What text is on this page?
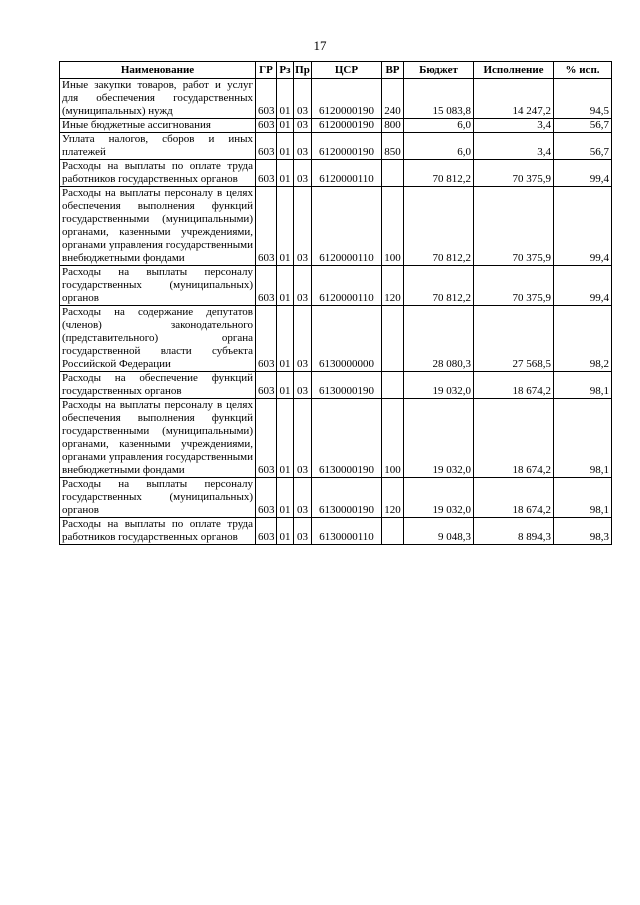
17
Наименование	ГР	Рз	Пр	ЦСР	ВР	Бюджет	Исполнение	% исп.
Иные закупки товаров, работ и услуг для обеспечения государственных (муниципальных) нужд	603	01	03	6120000190	240	15 083,8	14 247,2	94,5
Иные бюджетные ассигнования	603	01	03	6120000190	800	6,0	3,4	56,7
Уплата налогов, сборов и иных платежей	603	01	03	6120000190	850	6,0	3,4	56,7
Расходы на выплаты по оплате труда работников государственных органов	603	01	03	6120000110		70 812,2	70 375,9	99,4
Расходы на выплаты персоналу в целях обеспечения выполнения функций государственными (муниципальными) органами, казенными учреждениями, органами управления государственными внебюджетными фондами	603	01	03	6120000110	100	70 812,2	70 375,9	99,4
Расходы на выплаты персоналу государственных (муниципальных) органов	603	01	03	6120000110	120	70 812,2	70 375,9	99,4
Расходы на содержание депутатов (членов) законодательного (представительного) органа государственной власти субъекта Российской Федерации	603	01	03	6130000000		28 080,3	27 568,5	98,2
Расходы на обеспечение функций государственных органов	603	01	03	6130000190		19 032,0	18 674,2	98,1
Расходы на выплаты персоналу в целях обеспечения выполнения функций государственными (муниципальными) органами, казенными учреждениями, органами управления государственными внебюджетными фондами	603	01	03	6130000190	100	19 032,0	18 674,2	98,1
Расходы на выплаты персоналу государственных (муниципальных) органов	603	01	03	6130000190	120	19 032,0	18 674,2	98,1
Расходы на выплаты по оплате труда работников государственных органов	603	01	03	6130000110		9 048,3	8 894,3	98,3
